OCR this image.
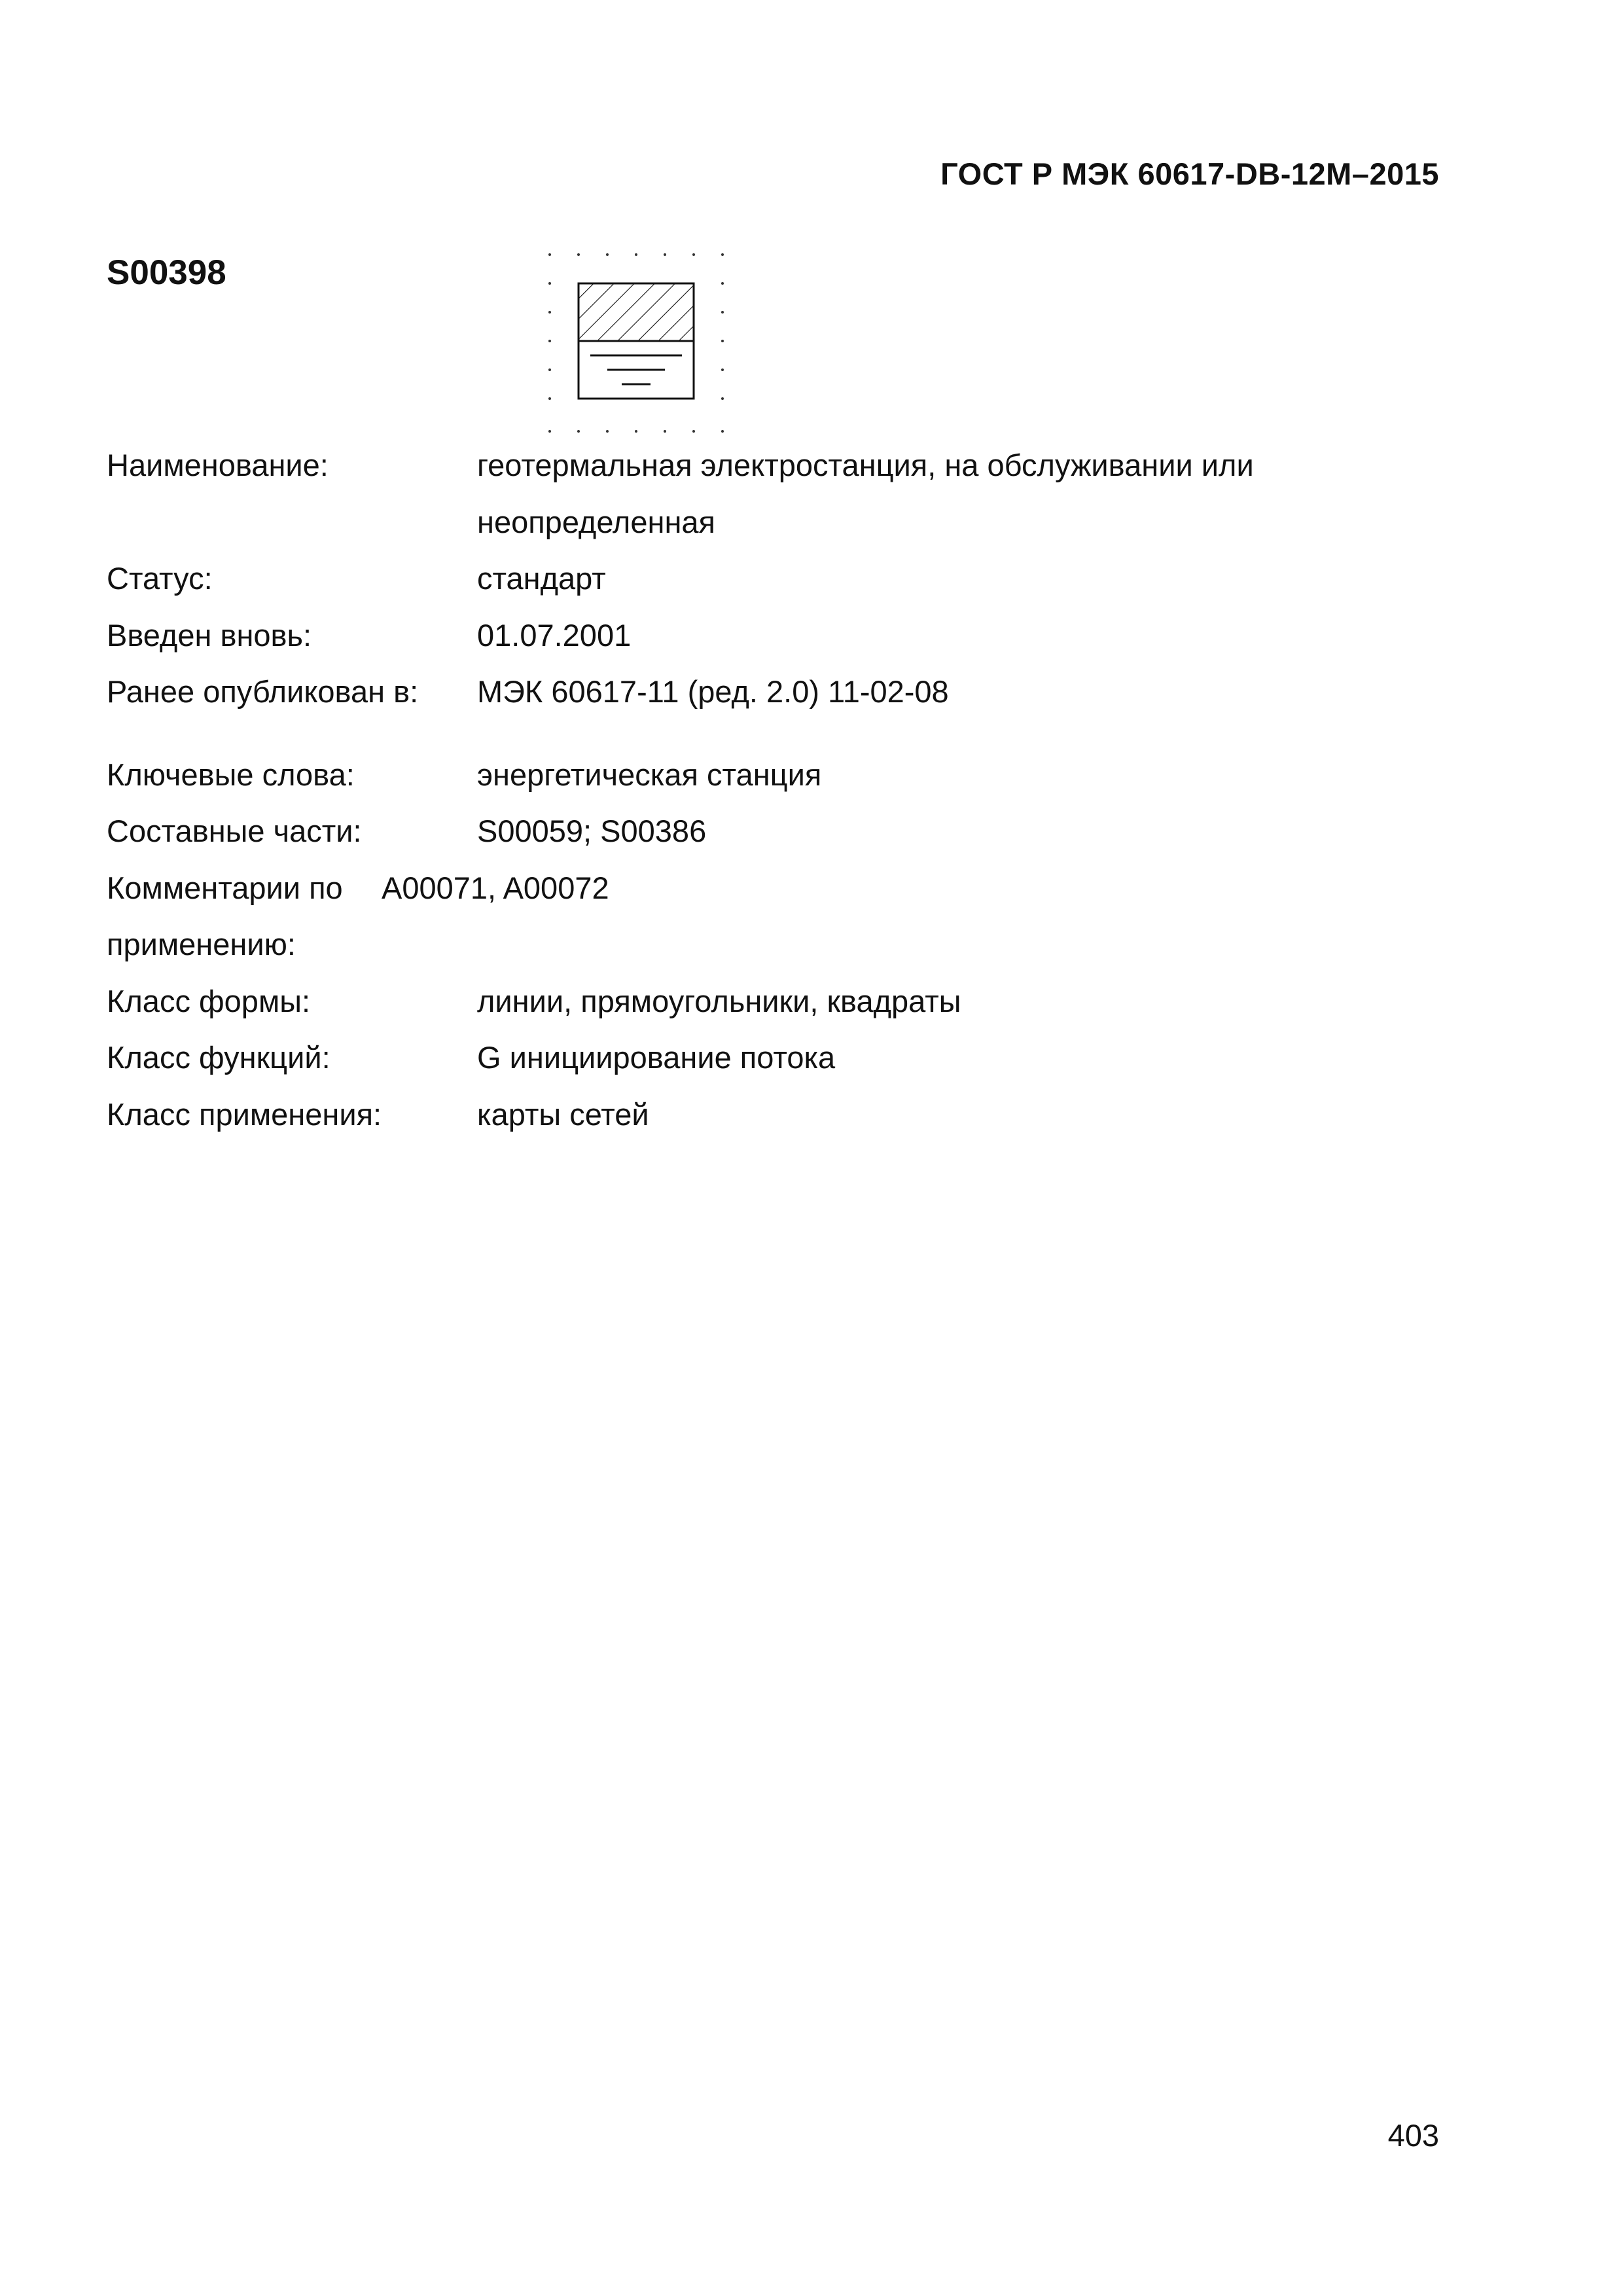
ГОСТ Р МЭК 60617-DB-12M–2015
S00398
Наименование:	геотермальная электростанция, на обслуживании или неопределенная
Статус:	стандарт
Введен вновь:	01.07.2001
Ранее опубликован в:	МЭК 60617-11 (ред. 2.0) 11-02-08
Ключевые слова:	энергетическая станция
Составные части:	S00059; S00386
Комментарии по применению:
A00071, A00072
Класс формы:	линии, прямоугольники, квадраты
Класс функций:	G инициирование потока
Класс применения:	карты сетей
403
